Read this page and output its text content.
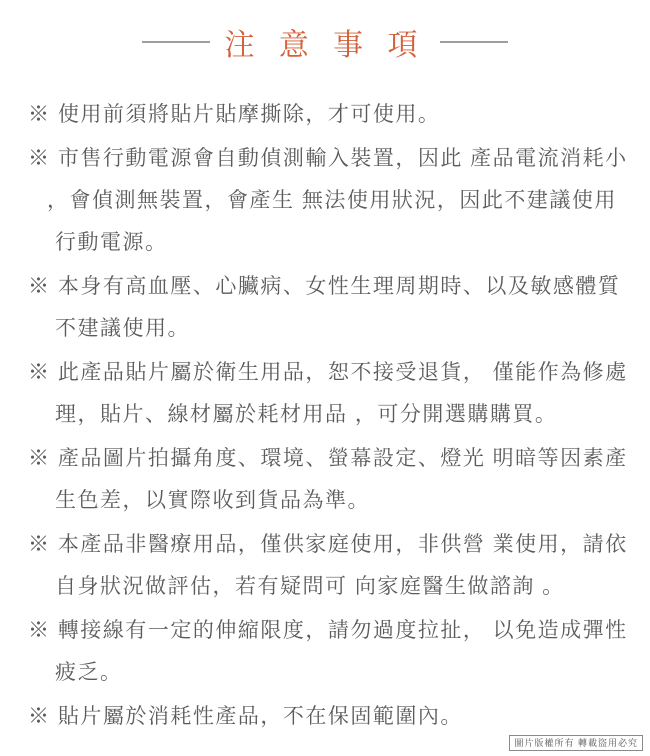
注 意 事 項
※ 使用前須將貼片貼摩撕除，才可使用。
※ 市售行動電源會自動偵測輸入裝置，因此 產品電流消耗小
，會偵測無裝置，會產生 無法使用狀況，因此不建議使用
行動電源。
※ 本身有高血壓、心臟病、女性生理周期時、以及敏感體質
不建議使用。
※ 此產品貼片屬於衛生用品，恕不接受退貨， 僅能作為修處
理，貼片、線材屬於耗材用品 ，可分開選購購買。
※ 產品圖片拍攝角度、環境、螢幕設定、燈光 明暗等因素產
生色差，以實際收到貨品為準。
※ 本產品非醫療用品，僅供家庭使用，非供營 業使用，請依
自身狀況做評估，若有疑問可 向家庭醫生做諮詢 。
※ 轉接線有一定的伸縮限度，請勿過度拉扯， 以免造成彈性
疲乏。
※ 貼片屬於消耗性產品，不在保固範圍內。
圖片版權所有 轉載盜用必究
